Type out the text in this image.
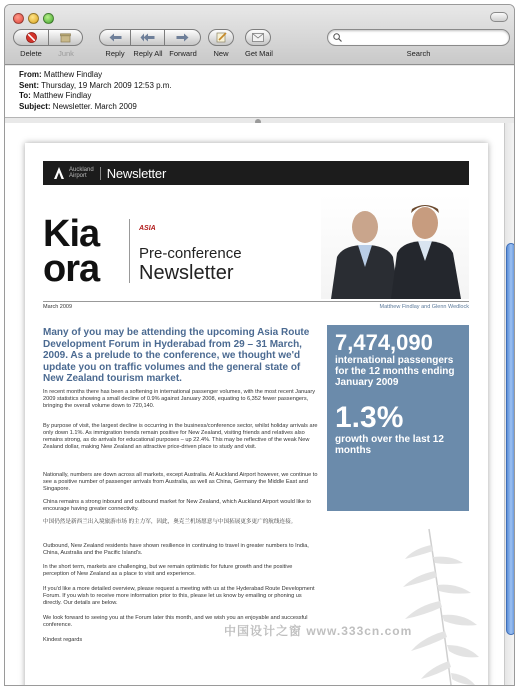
Delete	Junk	Reply	Reply All Forward	New	Get Mail	Search
From: Matthew Findlay
Sent: Thursday, 19 March 2009 12:53 p.m.
To: Matthew Findlay
Subject: Newsletter. March 2009
Auckland
Airport	Newsletter
Kia
ora
ASIA
Pre-conference
Newsletter
March 2009	Matthew Findlay and Glenn Wedlock
Many of you may be attending the upcoming Asia Route Development Forum in Hyderabad from 29 – 31 March, 2009. As a prelude to the conference, we thought we'd update you on traffic volumes and the general state of New Zealand tourism market.
In recent months there has been a softening in international passenger volumes, with the most recent January 2009 statistics showing a small decline of 0.9% against January 2008, equating to 6,352 fewer passengers, bringing the overall volume down to 720,140.
By purpose of visit, the largest decline is occurring in the business/conference sector, whilst holiday arrivals are only down 1.1%. As immigration trends remain positive for New Zealand, visiting friends and relatives also remains strong, as do arrivals for educational purposes – up 22.4%. This may be reflective of the weak New Zealand dollar, making New Zealand an attractive price-driven place to study and visit.
Nationally, numbers are down across all markets, except Australia. At Auckland Airport however, we continue to see a positive number of passenger arrivals from Australia, as well as China, Germany the Middle East and Singapore.
China remains a strong inbound and outbound market for New Zealand, which Auckland Airport would like to encourage having greater connectivity.
中国仍然是新西兰出入境旅游市场 的主力军，因此，奥克兰机场愿意与中国拓展更多更广的航线连接。
Outbound, New Zealand residents have shown resilience in continuing to travel in greater numbers to India, China, Australia and the Pacific Island's.
In the short term, markets are challenging, but we remain optimistic for future growth and the positive perception of New Zealand as a place to visit and experience.
If you'd like a more detailed overview, please request a meeting with us at the Hyderabad Route Development Forum. If you wish to receive more information prior to this, please let us know by emailing or phoning us directly. Our details are below.
We look forward to seeing you at the Forum later this month, and we wish you an enjoyable and successful conference.
Kindest regards
7,474,090
international passengers for the 12 months ending January 2009
1.3%
growth over the last 12 months
中国设计之窗 www.333cn.com
